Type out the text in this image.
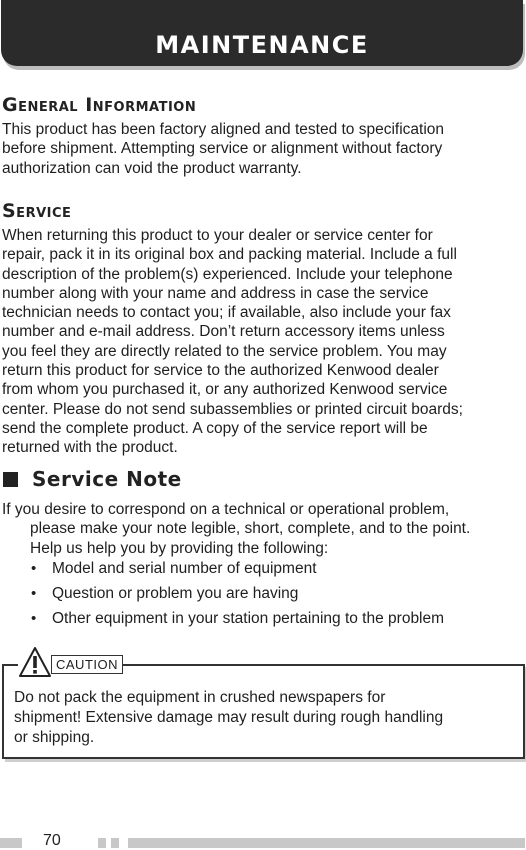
MAINTENANCE
General Information
This product has been factory aligned and tested to specification
before shipment. Attempting service or alignment without factory
authorization can void the product warranty.
Service
When returning this product to your dealer or service center for
repair, pack it in its original box and packing material. Include a full
description of the problem(s) experienced. Include your telephone
number along with your name and address in case the service
technician needs to contact you; if available, also include your fax
number and e-mail address. Don’t return accessory items unless
you feel they are directly related to the service problem. You may
return this product for service to the authorized Kenwood dealer
from whom you purchased it, or any authorized Kenwood service
center. Please do not send subassemblies or printed circuit boards;
send the complete product. A copy of the service report will be
returned with the product.
Service Note
If you desire to correspond on a technical or operational problem,
please make your note legible, short, complete, and to the point.
Help us help you by providing the following:
• Model and serial number of equipment
• Question or problem you are having
• Other equipment in your station pertaining to the problem
Do not pack the equipment in crushed newspapers for
shipment! Extensive damage may result during rough handling
or shipping.
CAUTION
70
